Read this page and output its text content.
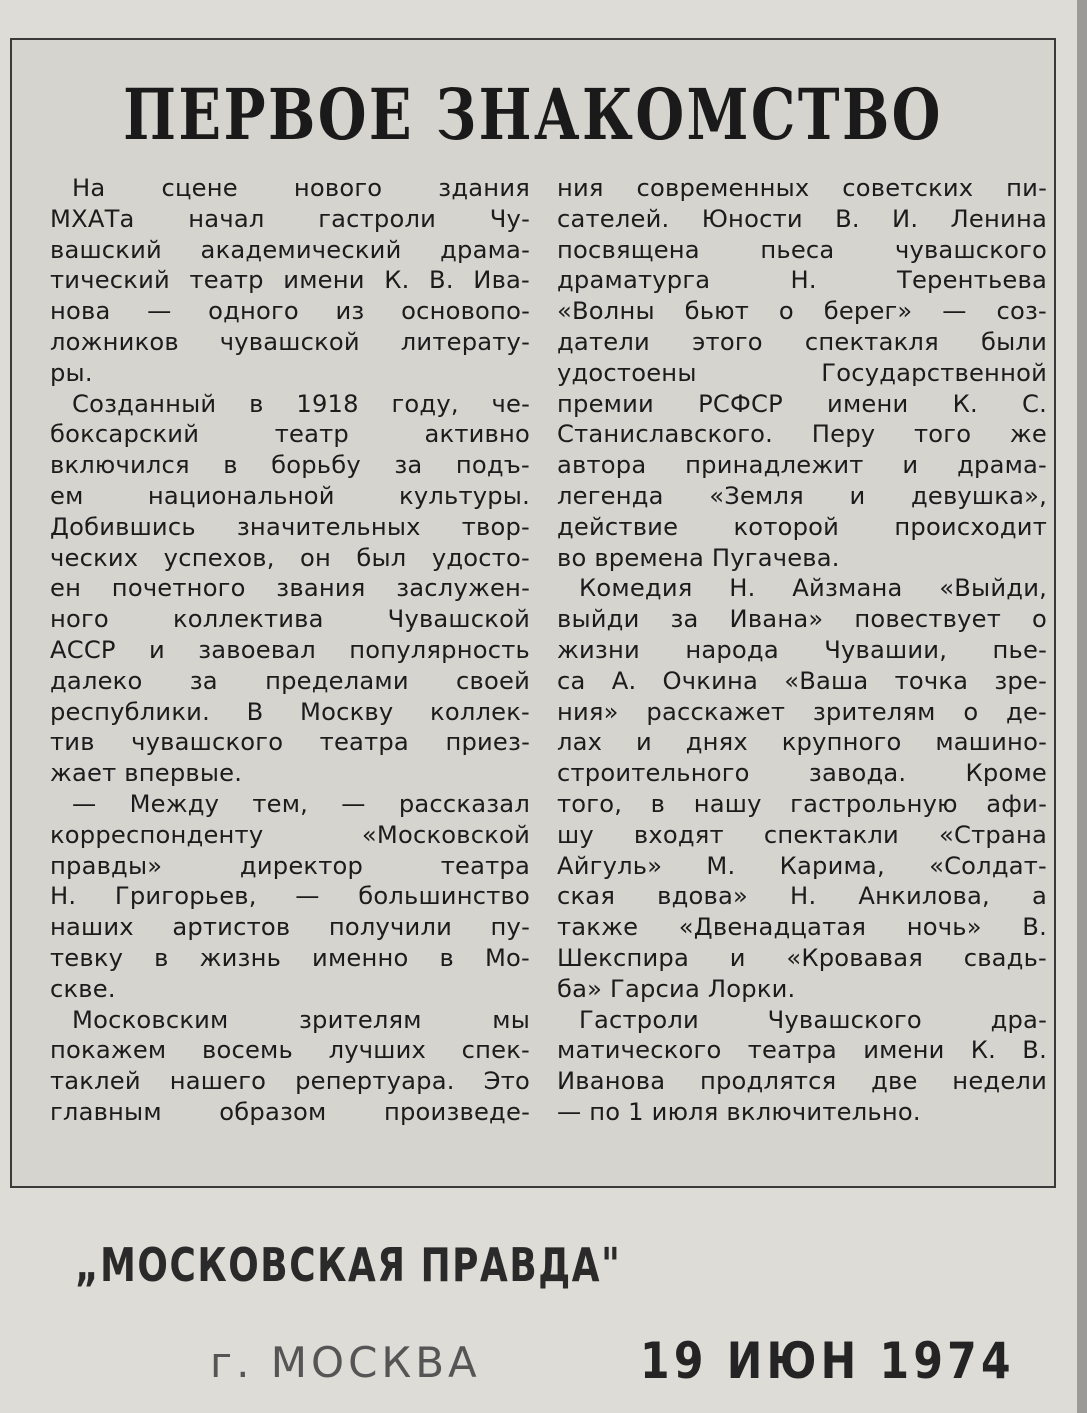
ПЕРВОЕ ЗНАКОМСТВО
На сцене нового здания
МХАТа начал гастроли Чу-
вашский академический драма-
тический театр имени К. В. Ива-
нова — одного из основопо-
ложников чувашской литерату-
ры.
Созданный в 1918 году, че-
боксарский театр активно
включился в борьбу за подъ-
ем национальной культуры.
Добившись значительных твор-
ческих успехов, он был удосто-
ен почетного звания заслужен-
ного коллектива Чувашской
АССР и завоевал популярность
далеко за пределами своей
республики. В Москву коллек-
тив чувашского театра приез-
жает впервые.
— Между тем, — рассказал
корреспонденту «Московской
правды» директор театра
Н. Григорьев, — большинство
наших артистов получили пу-
тевку в жизнь именно в Мо-
скве.
Московским зрителям мы
покажем восемь лучших спек-
таклей нашего репертуара. Это
главным образом произведе-
ния современных советских пи-
сателей. Юности В. И. Ленина
посвящена пьеса чувашского
драматурга Н. Терентьева
«Волны бьют о берег» — соз-
датели этого спектакля были
удостоены Государственной
премии РСФСР имени К. С.
Станиславского. Перу того же
автора принадлежит и драма-
легенда «Земля и девушка»,
действие которой происходит
во времена Пугачева.
Комедия Н. Айзмана «Выйди,
выйди за Ивана» повествует о
жизни народа Чувашии, пье-
са А. Очкина «Ваша точка зре-
ния» расскажет зрителям о де-
лах и днях крупного машино-
строительного завода. Кроме
того, в нашу гастрольную афи-
шу входят спектакли «Страна
Айгуль» М. Карима, «Солдат-
ская вдова» Н. Анкилова, а
также «Двенадцатая ночь» В.
Шекспира и «Кровавая свадь-
ба» Гарсиа Лорки.
Гастроли Чувашского дра-
матического театра имени К. В.
Иванова продлятся две недели
— по 1 июля включительно.
„МОСКОВСКАЯ ПРАВДА"
г. МОСКВА	19 ИЮН 1974
